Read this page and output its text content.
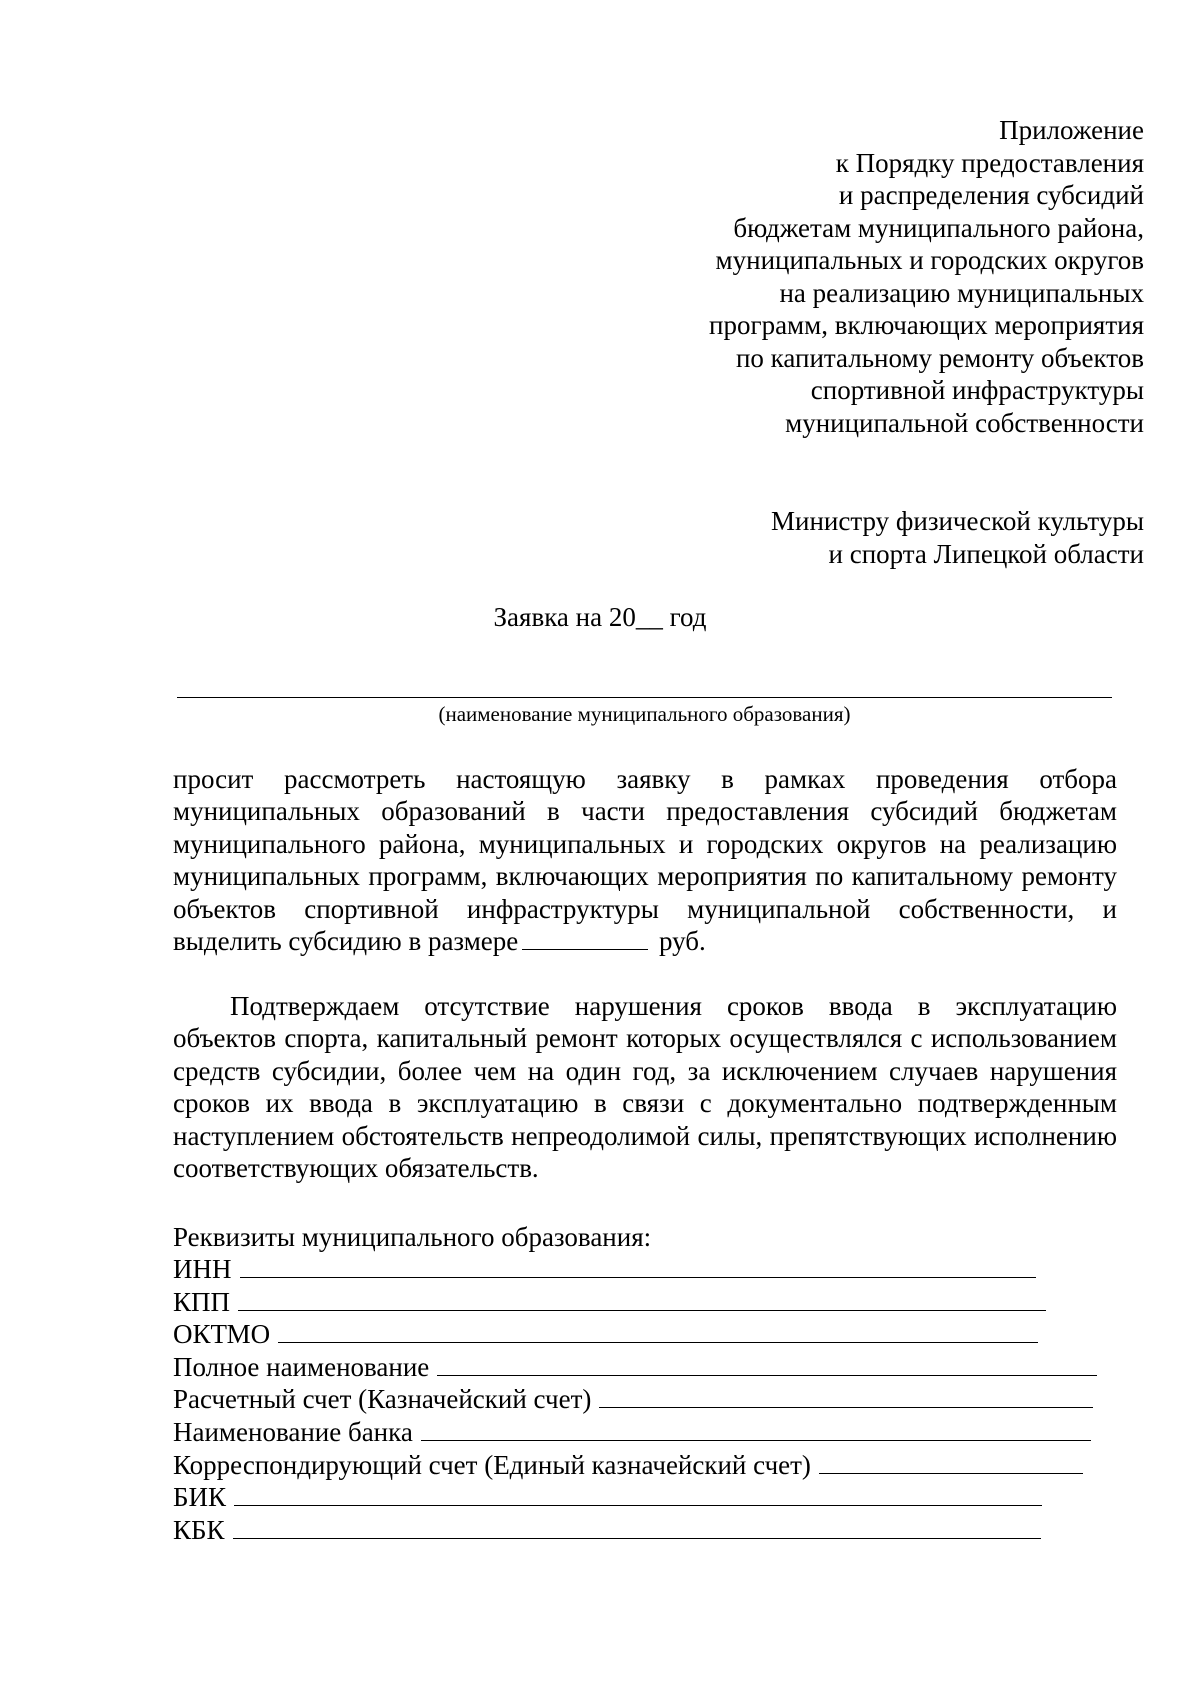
Приложение
к Порядку предоставления
и распределения субсидий
бюджетам муниципального района,
муниципальных и городских округов
на реализацию муниципальных
программ, включающих мероприятия
по капитальному ремонту объектов
спортивной инфраструктуры
муниципальной собственности
Министру физической культуры
и спорта Липецкой области
Заявка на 20__ год
(наименование муниципального образования)

просит рассмотреть настоящую заявку в рамках проведения отбора муниципальных образований в части предоставления субсидий бюджетам муниципального района, муниципальных и городских округов на реализацию муниципальных программ, включающих мероприятия по капитальному ремонту объектов спортивной инфраструктуры муниципальной собственности, и выделить субсидию в размере	руб.

Подтверждаем отсутствие нарушения сроков ввода в эксплуатацию объектов спорта, капитальный ремонт которых осуществлялся с использованием средств субсидии, более чем на один год, за исключением случаев нарушения сроков их ввода в эксплуатацию в связи с документально подтвержденным наступлением обстоятельств непреодолимой силы, препятствующих исполнению соответствующих обязательств.

Реквизиты муниципального образования:
ИНН
КПП
ОКТМО
Полное наименование
Расчетный счет (Казначейский счет)
Наименование банка
Корреспондирующий счет (Единый казначейский счет)
БИК
КБК
